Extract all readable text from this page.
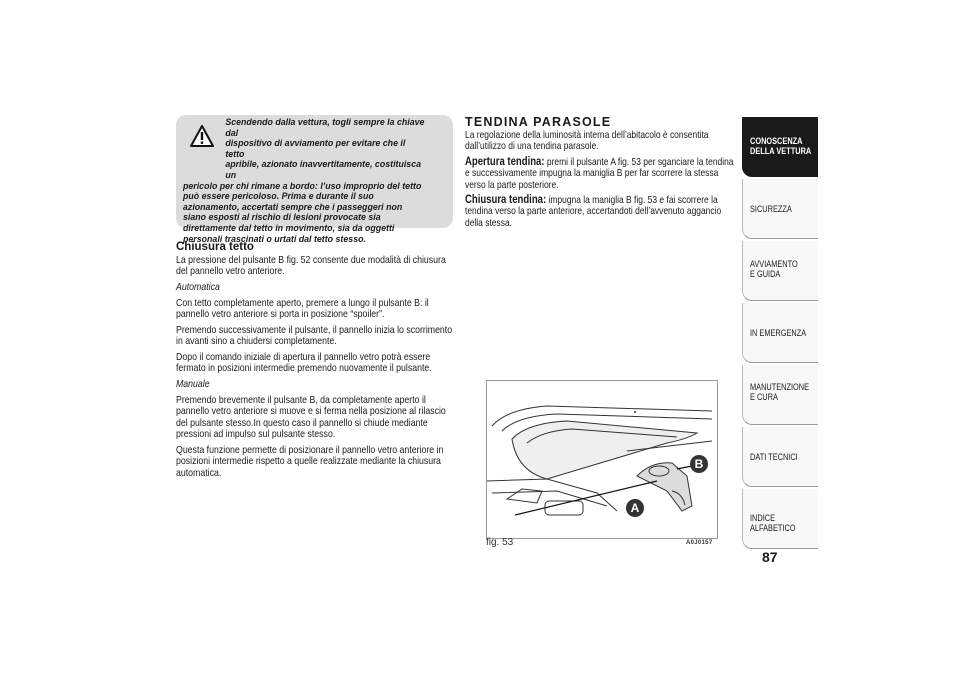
Scendendo dalla vettura, togli sempre la chiave dal
dispositivo di avviamento per evitare che il tetto
apribile, azionato inavvertitamente, costituisca un
pericolo per chi rimane a bordo: l’uso improprio del tetto può essere pericoloso. Prima e durante il suo azionamento, accertati sempre che i passeggeri non siano esposti al rischio di lesioni provocate sia direttamente dal tetto in movimento, sia da oggetti personali trascinati o urtati dal tetto stesso.
Chiusura tetto

La pressione del pulsante B fig. 52 consente due modalità di chiusura del pannello vetro anteriore.

Automatica

Con tetto completamente aperto, premere a lungo il pulsante B: il pannello vetro anteriore si porta in posizione “spoiler”.

Premendo successivamente il pulsante, il pannello inizia lo scorrimento in avanti sino a chiudersi completamente.

Dopo il comando iniziale di apertura il pannello vetro potrà essere fermato in posizioni intermedie premendo nuovamente il pulsante.

Manuale

Premendo brevemente il pulsante B, da completamente aperto il pannello vetro anteriore si muove e si ferma nella posizione al rilascio del pulsante stesso.In questo caso il pannello si chiude mediante pressioni ad impulso sul pulsante stesso.

Questa funzione permette di posizionare il pannello vetro anteriore in posizioni intermedie rispetto a quelle realizzate mediante la chiusura automatica.

TENDINA PARASOLE

La regolazione della luminosità interna dell’abitacolo è consentita dall’utilizzo di una tendina parasole.

Apertura tendina: premi il pulsante A fig. 53 per sganciare la tendina e successivamente impugna la maniglia B per far scorrere la stessa verso la parte posteriore.

Chiusura tendina: impugna la maniglia B fig. 53 e fai scorrere la tendina verso la parte anteriore, accertandoti dell’avvenuto aggancio della stessa.

B
A
fig. 53	A0J0157
CONOSCENZA DELLA VETTURA
SICUREZZA
AVVIAMENTO E GUIDA
IN EMERGENZA
MANUTENZIONE E CURA
DATI TECNICI
INDICE ALFABETICO
87
